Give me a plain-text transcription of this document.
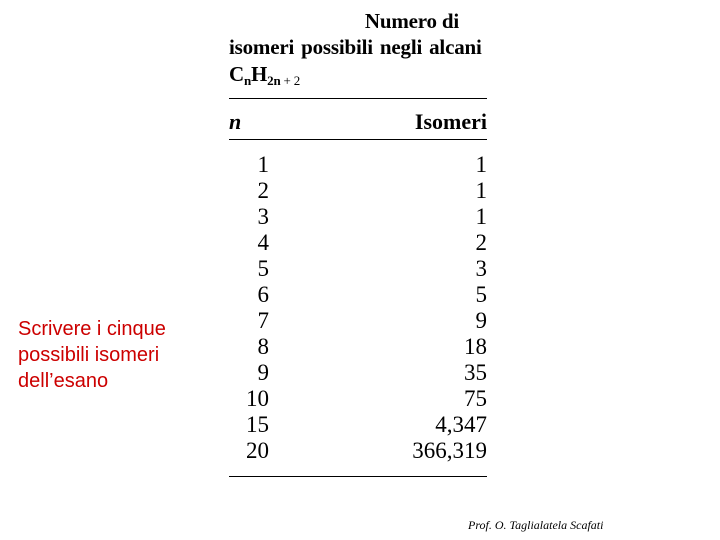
Numero di
isomeri possibili negli alcani
$C_nH_{2n} + 2$
n	Isomeri
1	1
2	1
3	1
4	2
5	3
6	5
7	9
8	18
9	35
10	75
15	4,347
20	366,319
Scrivere i cinque
possibili isomeri
dell’esano
Prof. O. Taglialatela Scafati
